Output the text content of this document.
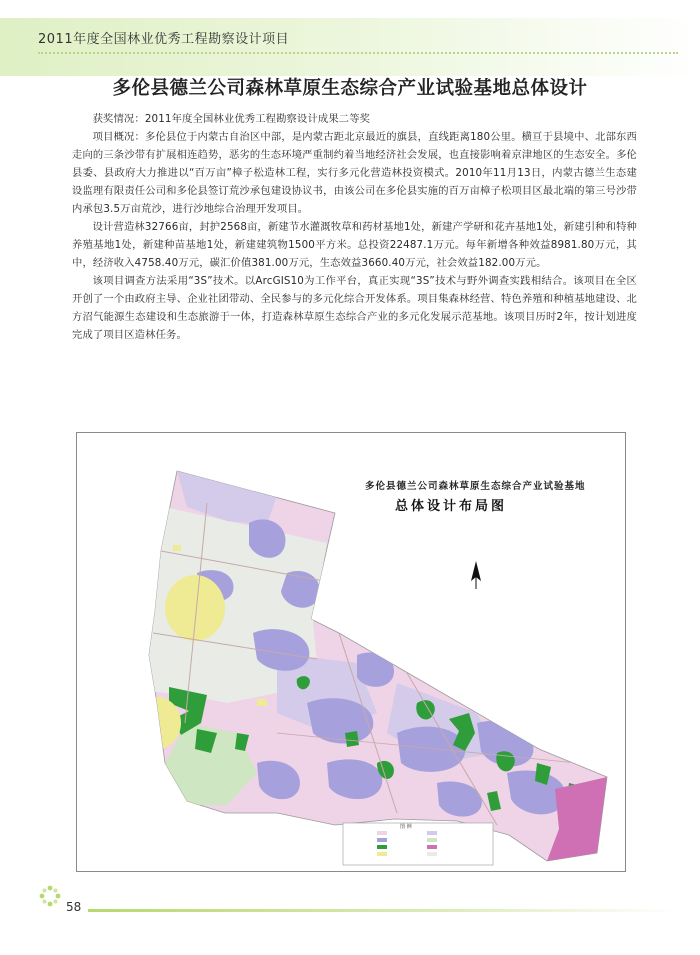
2011年度全国林业优秀工程勘察设计项目
多伦县德兰公司森林草原生态综合产业试验基地总体设计

获奖情况：2011年度全国林业优秀工程勘察设计成果二等奖

项目概况：多伦县位于内蒙古自治区中部，是内蒙古距北京最近的旗县，直线距离180公里。横亘于县境中、北部东西走向的三条沙带有扩展相连趋势，恶劣的生态环境严重制约着当地经济社会发展，也直接影响着京津地区的生态安全。多伦县委、县政府大力推进以“百万亩”樟子松造林工程，实行多元化营造林投资模式。2010年11月13日，内蒙古德兰生态建设监理有限责任公司和多伦县签订荒沙承包建设协议书，由该公司在多伦县实施的百万亩樟子松项目区最北端的第三号沙带内承包3.5万亩荒沙，进行沙地综合治理开发项目。

设计营造林32766亩，封护2568亩，新建节水灌溉牧草和药材基地1处，新建产学研和花卉基地1处，新建引种和特种养殖基地1处，新建种苗基地1处，新建建筑物1500平方米。总投资22487.1万元。每年新增各种效益8981.80万元，其中，经济收入4758.40万元，碳汇价值381.00万元，生态效益3660.40万元，社会效益182.00万元。

该项目调查方法采用“3S”技术。以ArcGIS10为工作平台，真正实现“3S”技术与野外调查实践相结合。该项目在全区开创了一个由政府主导、企业社团带动、全民参与的多元化综合开发体系。项目集森林经营、特色养殖和种植基地建设、北方沼气能源生态建设和生态旅游于一体，打造森林草原生态综合产业的多元化发展示范基地。该项目历时2年，按计划进度完成了项目区造林任务。

多伦县德兰公司森林草原生态综合产业试验基地
总体设计布局图
图 例
58
